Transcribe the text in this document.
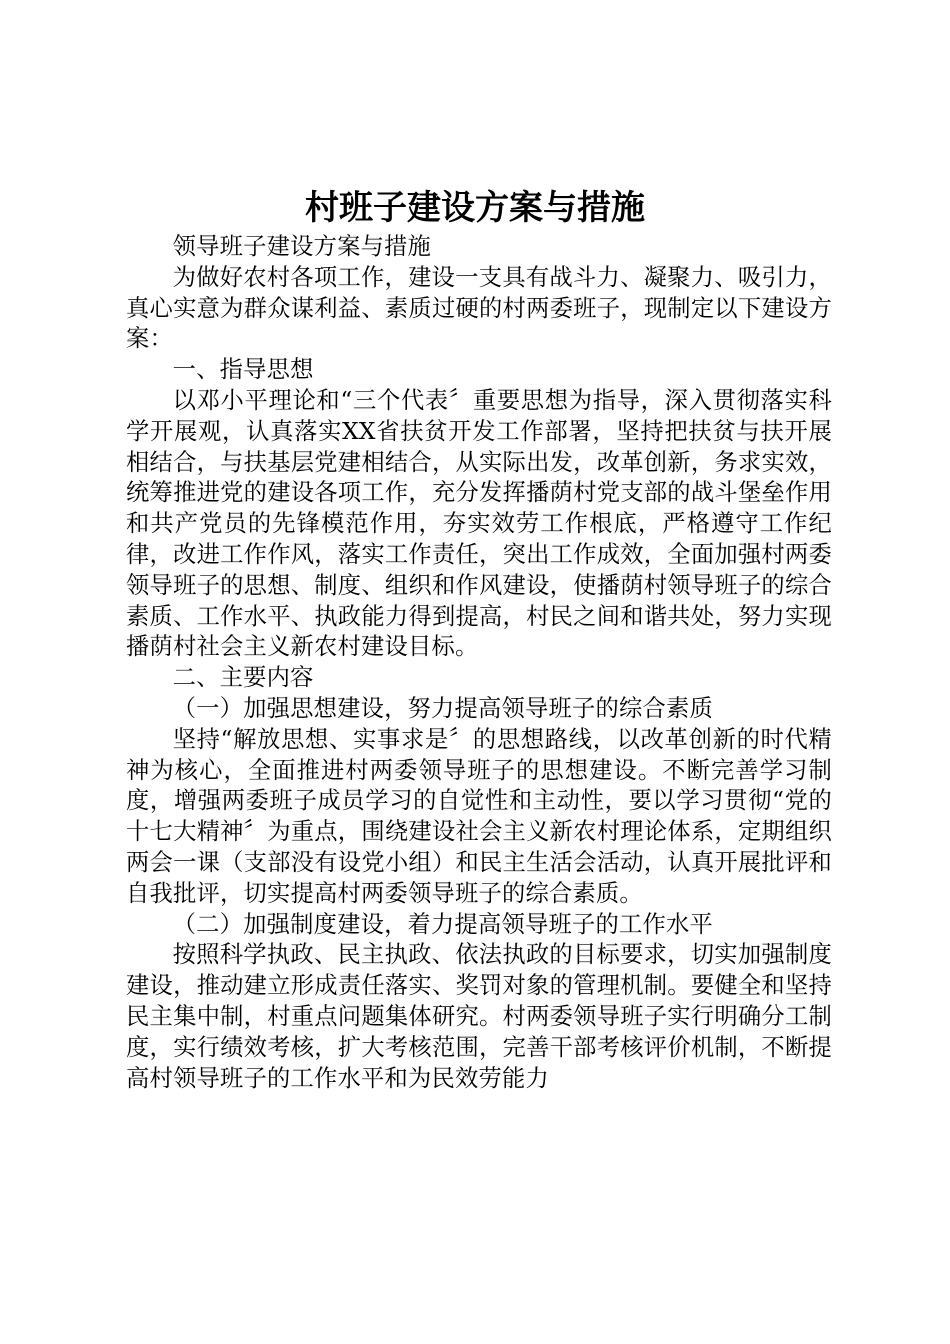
村班子建设方案与措施

领导班子建设方案与措施

为做好农村各项工作，建设一支具有战斗力、凝聚力、吸引力，真心实意为群众谋利益、素质过硬的村两委班子，现制定以下建设方案：

一、指导思想

以邓小平理论和“三个代表〞重要思想为指导，深入贯彻落实科学开展观，认真落实XX省扶贫开发工作部署，坚持把扶贫与扶开展相结合，与扶基层党建相结合，从实际出发，改革创新，务求实效，统筹推进党的建设各项工作，充分发挥播荫村党支部的战斗堡垒作用和共产党员的先锋模范作用，夯实效劳工作根底，严格遵守工作纪律，改进工作作风，落实工作责任，突出工作成效，全面加强村两委领导班子的思想、制度、组织和作风建设，使播荫村领导班子的综合素质、工作水平、执政能力得到提高，村民之间和谐共处，努力实现播荫村社会主义新农村建设目标。

二、主要内容

（一）加强思想建设，努力提高领导班子的综合素质

坚持“解放思想、实事求是〞的思想路线，以改革创新的时代精神为核心，全面推进村两委领导班子的思想建设。不断完善学习制度，增强两委班子成员学习的自觉性和主动性，要以学习贯彻“党的十七大精神〞为重点，围绕建设社会主义新农村理论体系，定期组织两会一课（支部没有设党小组）和民主生活会活动，认真开展批评和自我批评，切实提高村两委领导班子的综合素质。

（二）加强制度建设，着力提高领导班子的工作水平

按照科学执政、民主执政、依法执政的目标要求，切实加强制度建设，推动建立形成责任落实、奖罚对象的管理机制。要健全和坚持民主集中制，村重点问题集体研究。村两委领导班子实行明确分工制度，实行绩效考核，扩大考核范围，完善干部考核评价机制，不断提高村领导班子的工作水平和为民效劳能力
